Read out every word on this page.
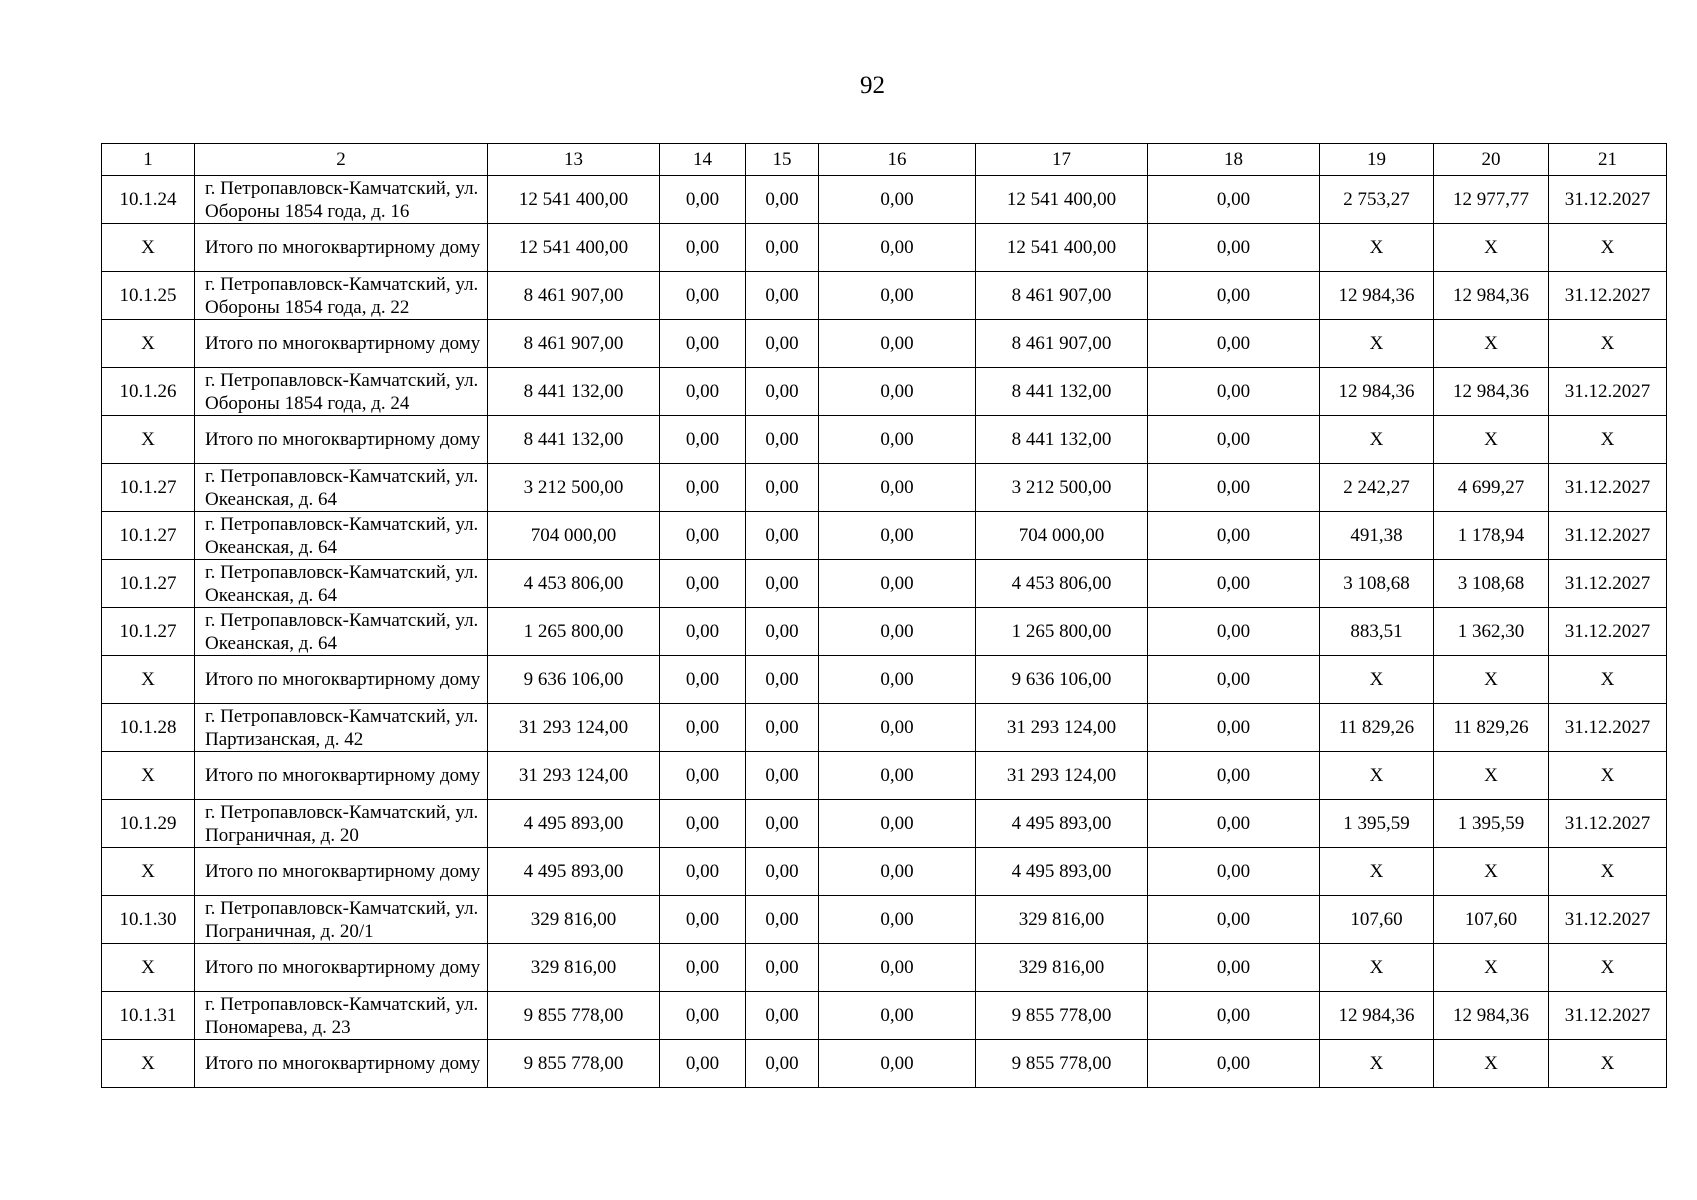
92
1	2	13	14	15	16	17	18	19	20	21
10.1.24	г. Петропавловск-Камчатский, ул. Обороны 1854 года, д. 16	12 541 400,00	0,00	0,00	0,00	12 541 400,00	0,00	2 753,27	12 977,77	31.12.2027
X	Итого по многоквартирному дому	12 541 400,00	0,00	0,00	0,00	12 541 400,00	0,00	X	X	X
10.1.25	г. Петропавловск-Камчатский, ул. Обороны 1854 года, д. 22	8 461 907,00	0,00	0,00	0,00	8 461 907,00	0,00	12 984,36	12 984,36	31.12.2027
X	Итого по многоквартирному дому	8 461 907,00	0,00	0,00	0,00	8 461 907,00	0,00	X	X	X
10.1.26	г. Петропавловск-Камчатский, ул. Обороны 1854 года, д. 24	8 441 132,00	0,00	0,00	0,00	8 441 132,00	0,00	12 984,36	12 984,36	31.12.2027
X	Итого по многоквартирному дому	8 441 132,00	0,00	0,00	0,00	8 441 132,00	0,00	X	X	X
10.1.27	г. Петропавловск-Камчатский, ул. Океанская, д. 64	3 212 500,00	0,00	0,00	0,00	3 212 500,00	0,00	2 242,27	4 699,27	31.12.2027
10.1.27	г. Петропавловск-Камчатский, ул. Океанская, д. 64	704 000,00	0,00	0,00	0,00	704 000,00	0,00	491,38	1 178,94	31.12.2027
10.1.27	г. Петропавловск-Камчатский, ул. Океанская, д. 64	4 453 806,00	0,00	0,00	0,00	4 453 806,00	0,00	3 108,68	3 108,68	31.12.2027
10.1.27	г. Петропавловск-Камчатский, ул. Океанская, д. 64	1 265 800,00	0,00	0,00	0,00	1 265 800,00	0,00	883,51	1 362,30	31.12.2027
X	Итого по многоквартирному дому	9 636 106,00	0,00	0,00	0,00	9 636 106,00	0,00	X	X	X
10.1.28	г. Петропавловск-Камчатский, ул. Партизанская, д. 42	31 293 124,00	0,00	0,00	0,00	31 293 124,00	0,00	11 829,26	11 829,26	31.12.2027
X	Итого по многоквартирному дому	31 293 124,00	0,00	0,00	0,00	31 293 124,00	0,00	X	X	X
10.1.29	г. Петропавловск-Камчатский, ул. Пограничная, д. 20	4 495 893,00	0,00	0,00	0,00	4 495 893,00	0,00	1 395,59	1 395,59	31.12.2027
X	Итого по многоквартирному дому	4 495 893,00	0,00	0,00	0,00	4 495 893,00	0,00	X	X	X
10.1.30	г. Петропавловск-Камчатский, ул. Пограничная, д. 20/1	329 816,00	0,00	0,00	0,00	329 816,00	0,00	107,60	107,60	31.12.2027
X	Итого по многоквартирному дому	329 816,00	0,00	0,00	0,00	329 816,00	0,00	X	X	X
10.1.31	г. Петропавловск-Камчатский, ул. Пономарева, д. 23	9 855 778,00	0,00	0,00	0,00	9 855 778,00	0,00	12 984,36	12 984,36	31.12.2027
X	Итого по многоквартирному дому	9 855 778,00	0,00	0,00	0,00	9 855 778,00	0,00	X	X	X
